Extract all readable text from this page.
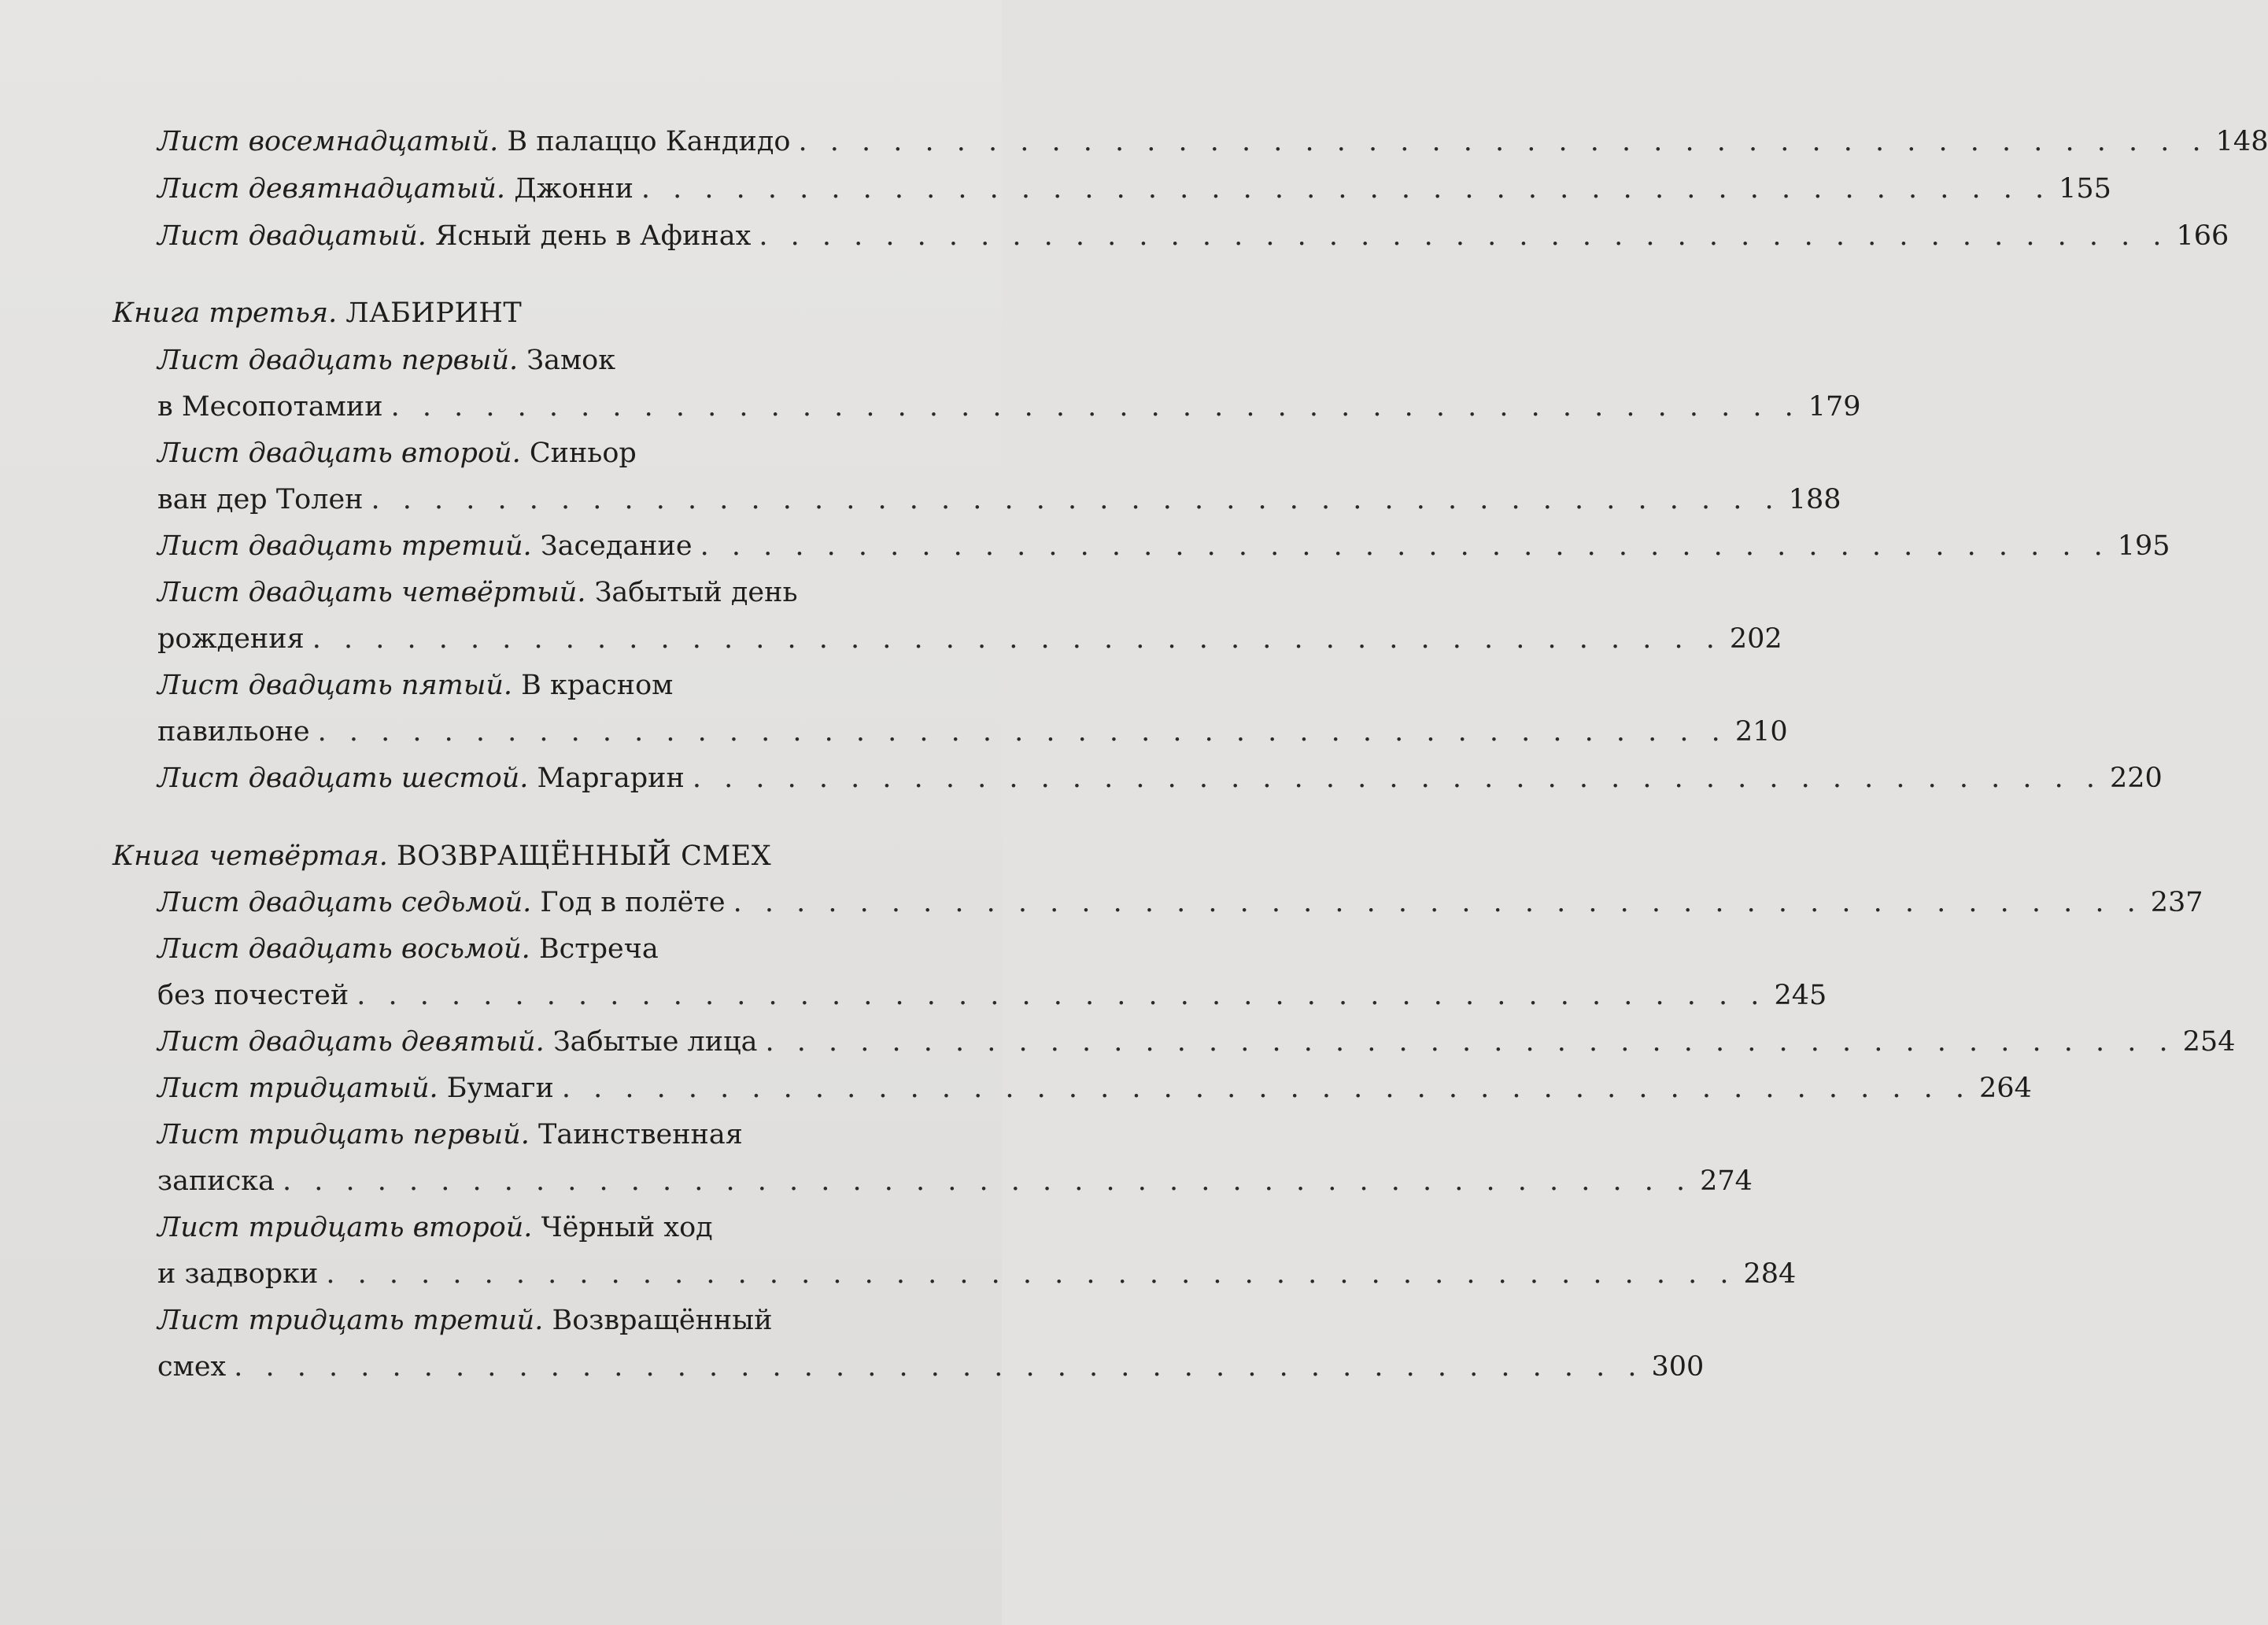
Лист восемнадцатый. В палаццо Кандидо . . . . . . . . . . . . . . . . . . . . . . . . . . . . . . . . . . . . . . . . . . . . . 148
Лист девятнадцатый. Джонни . . . . . . . . . . . . . . . . . . . . . . . . . . . . . . . . . . . . . . . . . . . . . 155
Лист двадцатый. Ясный день в Афинах . . . . . . . . . . . . . . . . . . . . . . . . . . . . . . . . . . . . . . . . . . . . . 166
Книга третья. ЛАБИРИНТ
Лист двадцать первый. Замок
в Месопотамии . . . . . . . . . . . . . . . . . . . . . . . . . . . . . . . . . . . . . . . . . . . . . 179
Лист двадцать второй. Синьор
ван дер Толен . . . . . . . . . . . . . . . . . . . . . . . . . . . . . . . . . . . . . . . . . . . . . 188
Лист двадцать третий. Заседание . . . . . . . . . . . . . . . . . . . . . . . . . . . . . . . . . . . . . . . . . . . . . 195
Лист двадцать четвёртый. Забытый день
рождения . . . . . . . . . . . . . . . . . . . . . . . . . . . . . . . . . . . . . . . . . . . . . 202
Лист двадцать пятый. В красном
павильоне . . . . . . . . . . . . . . . . . . . . . . . . . . . . . . . . . . . . . . . . . . . . . 210
Лист двадцать шестой. Маргарин . . . . . . . . . . . . . . . . . . . . . . . . . . . . . . . . . . . . . . . . . . . . . 220
Книга четвёртая. ВОЗВРАЩЁННЫЙ СМЕХ
Лист двадцать седьмой. Год в полёте . . . . . . . . . . . . . . . . . . . . . . . . . . . . . . . . . . . . . . . . . . . . . 237
Лист двадцать восьмой. Встреча
без почестей . . . . . . . . . . . . . . . . . . . . . . . . . . . . . . . . . . . . . . . . . . . . . 245
Лист двадцать девятый. Забытые лица . . . . . . . . . . . . . . . . . . . . . . . . . . . . . . . . . . . . . . . . . . . . . 254
Лист тридцатый. Бумаги . . . . . . . . . . . . . . . . . . . . . . . . . . . . . . . . . . . . . . . . . . . . . 264
Лист тридцать первый. Таинственная
записка . . . . . . . . . . . . . . . . . . . . . . . . . . . . . . . . . . . . . . . . . . . . . 274
Лист тридцать второй. Чёрный ход
и задворки . . . . . . . . . . . . . . . . . . . . . . . . . . . . . . . . . . . . . . . . . . . . . 284
Лист тридцать третий. Возвращённый
смех . . . . . . . . . . . . . . . . . . . . . . . . . . . . . . . . . . . . . . . . . . . . . 300
